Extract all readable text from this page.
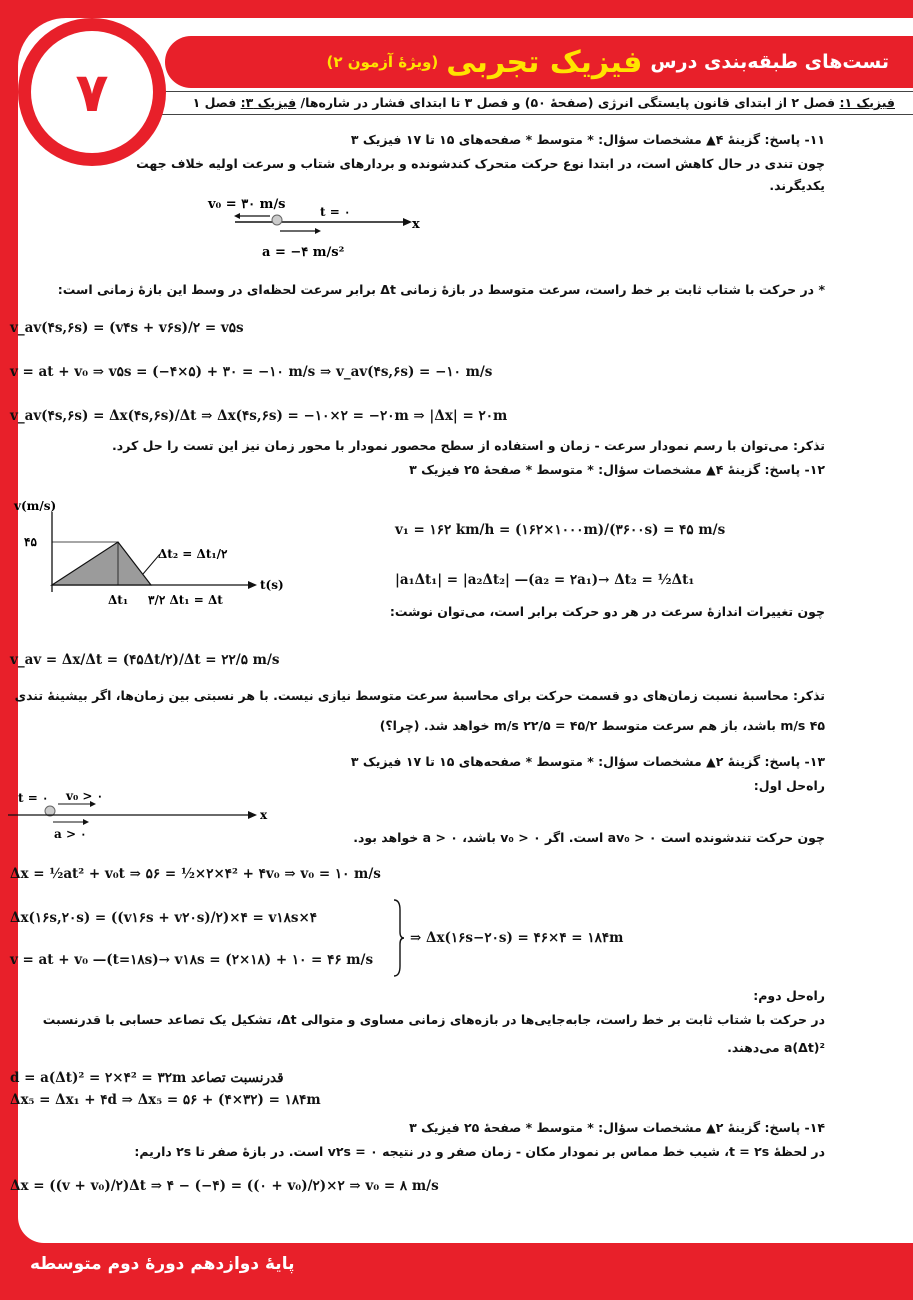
تست‌های طبقه‌بندی درس
فیزیک تجربی
(ویژهٔ آزمون ۲)
فیزیک ۱: فصل ۲ از ابتدای قانون پایستگی انرژی (صفحهٔ ۵۰) و فصل ۳ تا ابتدای فشار در شاره‌ها/ فیزیک ۳: فصل ۱
۷
۱۱- پاسخ: گزینهٔ ۴
▲ مشخصات سؤال: * متوسط * صفحه‌های ۱۵ تا ۱۷ فیزیک ۳
چون تندی در حال کاهش است، در ابتدا نوع حرکت متحرک کندشونده و بردارهای شتاب و سرعت اولیه خلاف جهت
یکدیگرند.
v₀ = ۳۰ m/s
x
t = ۰
a = −۴ m/s²
* در حرکت با شتاب ثابت بر خط راست، سرعت متوسط در بازهٔ زمانی Δt برابر سرعت لحظه‌ای در وسط این بازهٔ زمانی است:
v_av(۴s,۶s) = (v۴s + v۶s)/۲ = v۵s
v = at + v₀ ⇒ v۵s = (−۴×۵) + ۳۰ = −۱۰ m/s ⇒ v_av(۴s,۶s) = −۱۰ m/s
v_av(۴s,۶s) = Δx(۴s,۶s)/Δt ⇒ Δx(۴s,۶s) = −۱۰×۲ = −۲۰m ⇒ |Δx| = ۲۰m
تذکر: می‌توان با رسم نمودار سرعت - زمان و استفاده از سطح محصور نمودار با محور زمان نیز این تست را حل کرد.
۱۲- پاسخ: گزینهٔ ۴
▲ مشخصات سؤال: * متوسط * صفحهٔ ۲۵ فیزیک ۳
v(m/s)
t(s)
۴۵
Δt₂ = Δt₁/۲
Δt₁ ۳/۲ Δt₁ = Δt
v₁ = ۱۶۲ km/h = (۱۶۲×۱۰۰۰m)/(۳۶۰۰s) = ۴۵ m/s
|a₁Δt₁| = |a₂Δt₂| —(a₂ = ۲a₁)→ Δt₂ = ½Δt₁
چون تغییرات اندازهٔ سرعت در هر دو حرکت برابر است، می‌توان نوشت:
v_av = Δx/Δt = (۴۵Δt/۲)/Δt = ۲۲/۵ m/s
تذکر: محاسبهٔ نسبت زمان‌های دو قسمت حرکت برای محاسبهٔ سرعت متوسط نیازی نیست. با هر نسبتی بین زمان‌ها، اگر بیشینهٔ تندی
۴۵ m/s باشد، باز هم سرعت متوسط ۴۵/۲ = ۲۲/۵ m/s خواهد شد. (چرا؟)
۱۳- پاسخ: گزینهٔ ۲
▲ مشخصات سؤال: * متوسط * صفحه‌های ۱۵ تا ۱۷ فیزیک ۳
راه‌حل اول:
t = ۰ v₀ > ۰
x
a > ۰	چون حرکت تندشونده است av₀ > ۰ است. اگر v₀ > ۰ باشد، a > ۰ خواهد بود.
Δx = ½at² + v₀t ⇒ ۵۶ = ½×۲×۴² + ۴v₀ ⇒ v₀ = ۱۰ m/s
Δx(۱۶s,۲۰s) = ((v۱۶s + v۲۰s)/۲)×۴ = v۱۸s×۴
v = at + v₀ —(t=۱۸s)→ v۱۸s = (۲×۱۸) + ۱۰ = ۴۶ m/s
⇒ Δx(۱۶s−۲۰s) = ۴۶×۴ = ۱۸۴m
راه‌حل دوم:
در حرکت با شتاب ثابت بر خط راست، جابه‌جایی‌ها در بازه‌های زمانی مساوی و متوالی Δt، تشکیل یک تصاعد حسابی با قدرنسبت
a(Δt)² می‌دهند.
d = a(Δt)² = ۲×۴² = ۳۲m قدرنسبت تصاعد
Δx₅ = Δx₁ + ۴d ⇒ Δx₅ = ۵۶ + (۴×۳۲) = ۱۸۴m
۱۴- پاسخ: گزینهٔ ۲
▲ مشخصات سؤال: * متوسط * صفحهٔ ۲۵ فیزیک ۳
در لحظهٔ t = ۲s، شیب خط مماس بر نمودار مکان - زمان صفر و در نتیجه v۲s = ۰ است. در بازهٔ صفر تا ۲s داریم:
Δx = ((v + v₀)/۲)Δt ⇒ ۴ − (−۴) = ((۰ + v₀)/۲)×۲ ⇒ v₀ = ۸ m/s
پایهٔ دوازدهم دورهٔ دوم متوسطه
